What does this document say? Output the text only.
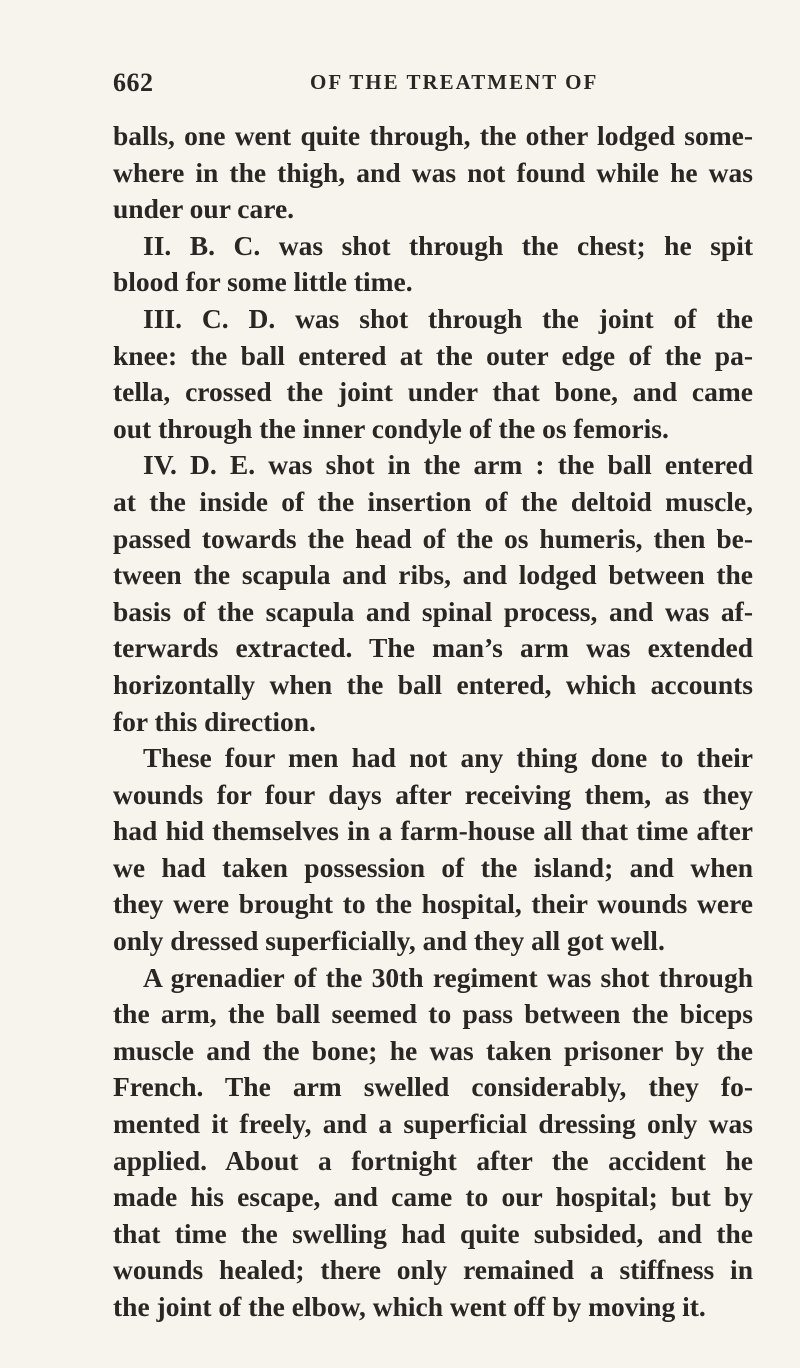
662	OF THE TREATMENT OF
balls, one went quite through, the other lodged some-
where in the thigh, and was not found while he was
under our care.
II. B. C. was shot through the chest; he spit
blood for some little time.
III. C. D. was shot through the joint of the
knee: the ball entered at the outer edge of the pa-
tella, crossed the joint under that bone, and came
out through the inner condyle of the os femoris.
IV. D. E. was shot in the arm : the ball entered
at the inside of the insertion of the deltoid muscle,
passed towards the head of the os humeris, then be-
tween the scapula and ribs, and lodged between the
basis of the scapula and spinal process, and was af-
terwards extracted. The man’s arm was extended
horizontally when the ball entered, which accounts
for this direction.
These four men had not any thing done to their
wounds for four days after receiving them, as they
had hid themselves in a farm-house all that time after
we had taken possession of the island; and when
they were brought to the hospital, their wounds were
only dressed superficially, and they all got well.
A grenadier of the 30th regiment was shot through
the arm, the ball seemed to pass between the biceps
muscle and the bone; he was taken prisoner by the
French. The arm swelled considerably, they fo-
mented it freely, and a superficial dressing only was
applied. About a fortnight after the accident he
made his escape, and came to our hospital; but by
that time the swelling had quite subsided, and the
wounds healed; there only remained a stiffness in
the joint of the elbow, which went off by moving it.
